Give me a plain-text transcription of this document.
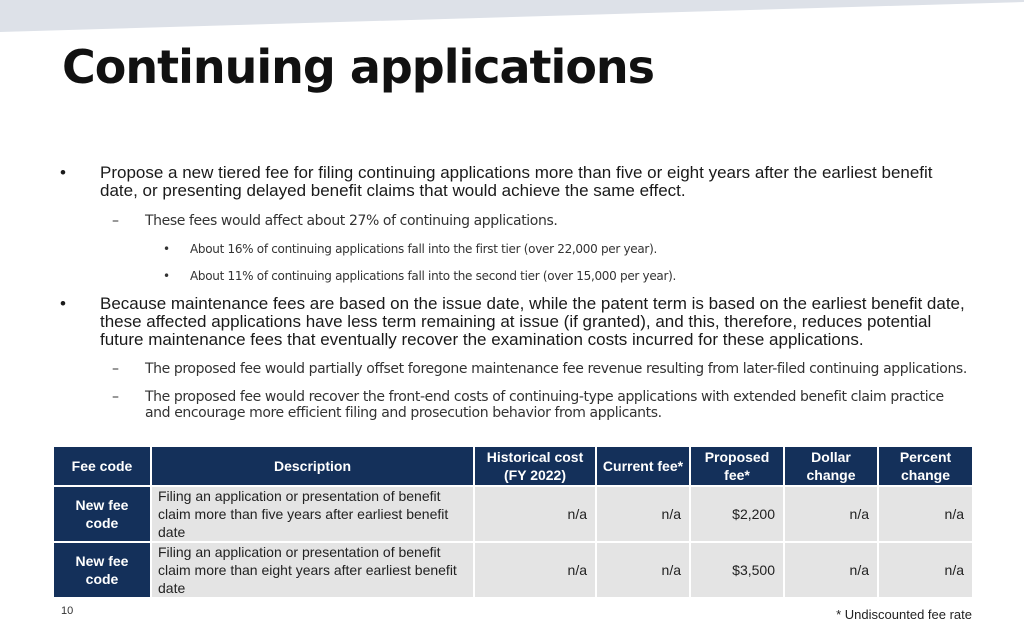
Continuing applications

• Propose a new tiered fee for filing continuing applications more than five or eight years after the earliest benefit date, or presenting delayed benefit claims that would achieve the same effect.

– These fees would affect about 27% of continuing applications.

• About 16% of continuing applications fall into the first tier (over 22,000 per year).

• About 11% of continuing applications fall into the second tier (over 15,000 per year).

• Because maintenance fees are based on the issue date, while the patent term is based on the earliest benefit date, these affected applications have less term remaining at issue (if granted), and this, therefore, reduces potential future maintenance fees that eventually recover the examination costs incurred for these applications.

– The proposed fee would partially offset foregone maintenance fee revenue resulting from later-filed continuing applications.

– The proposed fee would recover the front-end costs of continuing-type applications with extended benefit claim practice and encourage more efficient filing and prosecution behavior from applicants.

Fee code	Description	Historical cost (FY 2022)	Current fee*	Proposed fee*	Dollar change	Percent change
New fee code	Filing an application or presentation of benefit claim more than five years after earliest benefit date	n/a	n/a	$2,200	n/a	n/a
New fee code	Filing an application or presentation of benefit claim more than eight years after earliest benefit date	n/a	n/a	$3,500	n/a	n/a
10	* Undiscounted fee rate
